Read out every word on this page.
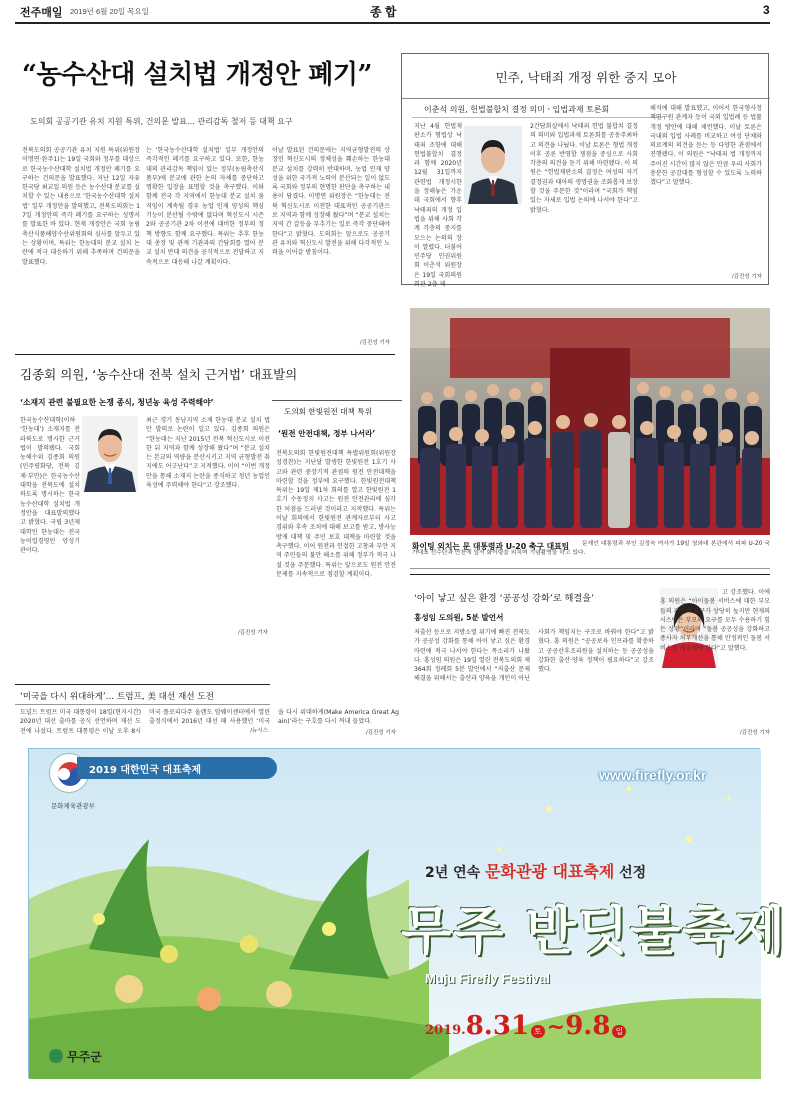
전주매일 2019년 6월 20일 목요일	종 합	3
“농수산대 설치법 개정안 폐기”
도의회 공공기관 유치 지원 특위, 건의문 발표… 관리감독 철저 등 대책 요구
전북도의회 공공기관 유치 지원 특위(위원장 이명연·완주1)는 19일 국회와 정부를 대상으로 한국농수산대학 설치법 개정안 폐기를 요구하는 건의문을 발표했다. 지난 12일 자유한국당 최교일 의원 등은 농수산대 분교를 설치할 수 있는 내용으로 ‘한국농수산대학 설치법’ 일부 개정안을 발의했고, 전북도의회는 17일 개정안의 즉각 폐기를 요구하는 성명서를 발표한 바 있다. 현재 개정안은 국회 농림축산식품해양수산위원회의 심사를 앞두고 있는 상황이며, 특위는 한농대의 분교 설치 논란에 적극 대응하기 위해 추족하며 건의문을 발표했다.
는 ‘한국농수산대학 설치법’ 일부 개정안의 즉각적인 폐기를 요구하고 있다. 또한, 한농대의 관리감독 책임이 있는 정부(농림축산식품부)에 분교에 관한 논의 자체를 중단하고 명확한 입장을 표명할 것을 촉구했다. 이와 함께 전국 각 지역에서 한농대 분교 설치 움직임이 계속될 경우 농업 인재 양성의 핵심 기능이 분산될 수밖에 없다며 혁신도시 시즌2와 공공기관 2차 이전에 대비한 정부의 정책 방향도 함께 요구했다. 특위는 추후 한농대 총장 및 관계 기관과의 간담회를 열어 분교 설치 반대 의견을 공식적으로 전달하고 지속적으로 대응해 나갈 계획이다.
이날 발표된 건의문에는 지역균형발전의 상징인 혁신도시의 정체성을 훼손하는 한농대 분교 설치를 강력히 반대하며, 농업 인재 양성을 위한 국가적 노력이 분산되는 일이 없도록 국회와 정부의 현명한 판단을 촉구하는 내용이 담겼다. 이명연 위원장은 “한농대는 전북 혁신도시로 이전한 대표적인 공공기관으로 지역과 함께 성장해 왔다”며 “분교 설치는 지역 간 갈등을 부추기는 일로 즉각 중단돼야 한다”고 밝혔다. 도의회는 앞으로도 공공기관 유치와 혁신도시 발전을 위해 다각적인 노력을 이어갈 방침이다.
/김진성 기자
민주, 낙태죄 개정 위한 중지 모아
이춘석 의원, 헌법불합치 결정 의미ㆍ입법과제 토론회
지난 4월 헌법재판소가 형법상 낙태죄 조항에 대해 헌법불합치 결정과 함께 2020년 12월 31일까지 관련법 개정시한을 정해놓은 가운데 국회에서 향후 낙태죄의 개정 입법을 위해 사회 각계 각층의 중지를 모으는 논의의 장이 열렸다. 더불어민주당 인권위원회 이춘석 위원장은 19일 국회의원회관 2층 제
2간담회실에서 낙태죄 헌법 불합치 결정의 의미와 입법과제 토론회를 공동주최하고 의견을 나눴다. 이날 토론은 형법 개정 이후 공론 반영할 쟁점을 중심으로 사회 각층의 의견을 듣기 위해 마련됐다. 이 의원은 “헌법재판소의 결정은 여성의 자기결정권과 태아의 생명권을 조화롭게 보장할 것을 주문한 것”이라며 “국회가 책임 있는 자세로 입법 논의에 나서야 한다”고 밝혔다.
해석에 대해 발표했고, 이어서 한국형사정책연구원 관계자 등이 국외 입법례 등 법률 개정 방안에 대해 제언했다. 이날 토론은 국내외 입법 사례를 비교하고 여성 단체와 의료계의 의견을 듣는 등 다양한 관점에서 진행됐다. 이 의원은 “낙태죄 법 개정까지 주어진 시간이 많지 않은 만큼 우리 사회가 충분한 공감대를 형성할 수 있도록 노력하겠다”고 말했다.
/김진성 기자
화이팅 외치는 문 대통령과 U-20 축구 대표팀	문재인 대통령과 부인 김정숙 여사가 19일 청와대 본관에서 피파 U-20 국가대표 선수단과 만찬에 앞서 화이팅을 외치며 기념촬영을 하고 있다.
김종회 의원, ‘농수산대 전북 설치 근거법’ 대표발의
‘소재지 관련 불필요한 논쟁 종식, 청년농 육성 주력해야’
한국농수산대학(이하 ‘한농대’) 소재지를 전라북도로 명시한 근거법이 발의됐다. 국회 농해수위 김종회 의원(민주평화당, 전북 김제·부안)은 한국농수산대학을 전북도에 설치하도록 명시하는 한국농수산대학 설치법 개정안을 대표발의했다고 밝혔다. 국립 3년제 대학인 한농대는 전국 농어업경영인 양성기관이다.
최근 경기 동남지역 소재 한농대 분교 설치 법안 발의로 논란이 일고 있다. 김종회 의원은 “한농대는 지난 2015년 전북 혁신도시로 이전한 뒤 지역과 함께 성장해 왔다”며 “분교 설치는 본교의 역량을 분산시키고 지역 균형발전 취지에도 어긋난다”고 지적했다. 이어 “이번 개정안을 통해 소재지 논란을 종식하고 청년 농업인 육성에 주력해야 한다”고 강조했다.
/김진성 기자
도의회 한빛원전 대책 특위
‘원전 안전대책, 정부 나서라’
전북도의회 한빛원전대책 특별위원회(위원장 성경찬)는 지난달 발생한 한빛원전 1호기 사고와 관련 중장기적 관점의 원전 안전대책을 마련할 것을 정부에 요구했다. 한빛원전대책특위는 19일 제1차 회의를 열고 한빛원전 1호기 수동정지 사고는 원전 안전관리에 심각한 허점을 드러낸 것이라고 지적했다. 특위는 이날 회의에서 한빛원전 관계자로부터 사고 경위와 후속 조치에 대해 보고를 받고, 방사능 방재 대책 및 주민 보호 대책을 마련할 것을 촉구했다. 이어 원전과 인접한 고창과 부안 지역 주민들의 불안 해소를 위해 정부가 적극 나설 것을 주문했다. 특위는 앞으로도 원전 안전 문제를 지속적으로 점검할 계획이다.
/김진성 기자
‘미국을 다시 위대하게’… 트럼프, 美 대선 재선 도전
도널드 트럼프 미국 대통령이 18일(현지시간) 2020년 대선 출마를 공식 선언하며 재선 도전에 나섰다. 트럼프 대통령은 이날 오후 8시 미국 플로리다주 올랜도 암웨이센터에서 열린 출정식에서 2016년 대선 때 사용했던 ‘미국을 다시 위대하게(Make America Great Again)’라는 구호를 다시 꺼내 들었다.
/뉴시스
‘아이 낳고 싶은 환경 ‘공공성 강화’로 해결을’
홍성임 도의원, 5분 발언서
저출산 등으로 지방소멸 위기에 빠진 전북도가 공공성 강화를 통해 아이 낳고 싶은 환경 마련에 적극 나서야 한다는 목소리가 나왔다. 홍성임 의원은 19일 열린 전북도의회 제364회 정례회 5분 발언에서 “저출산 문제 해결을 위해서는 출산과 양육을 개인이 아닌 사회가 책임지는 구조로 바꿔야 한다”고 밝혔다. 홍 의원은 “공공보육 인프라를 확충하고 공공산후조리원을 설치하는 등 공공성을 강화한 출산·양육 정책이 필요하다”고 강조했다.
고 강조했다. 이에 홍 의원은 “아이돌봄 서비스에 대한 부모들의 관심과 요구가 상당히 높지만 현재의 시스템은 부모의 요구를 모두 수용하기 힘든 상황”이라며 “돌봄 공공성을 강화하고 종사자 처우개선을 통해 안정적인 돌봄 서비스를 제공해야 한다”고 말했다.
/김진성 기자
2019 대한민국 대표축제
문화체육관광부
www.firefly.or.kr
2년 연속 문화관광 대표축제 선정
무주 반딧불축제
Muju Firefly Festival
2019.8.31 토 ~9.8 일
무주군
